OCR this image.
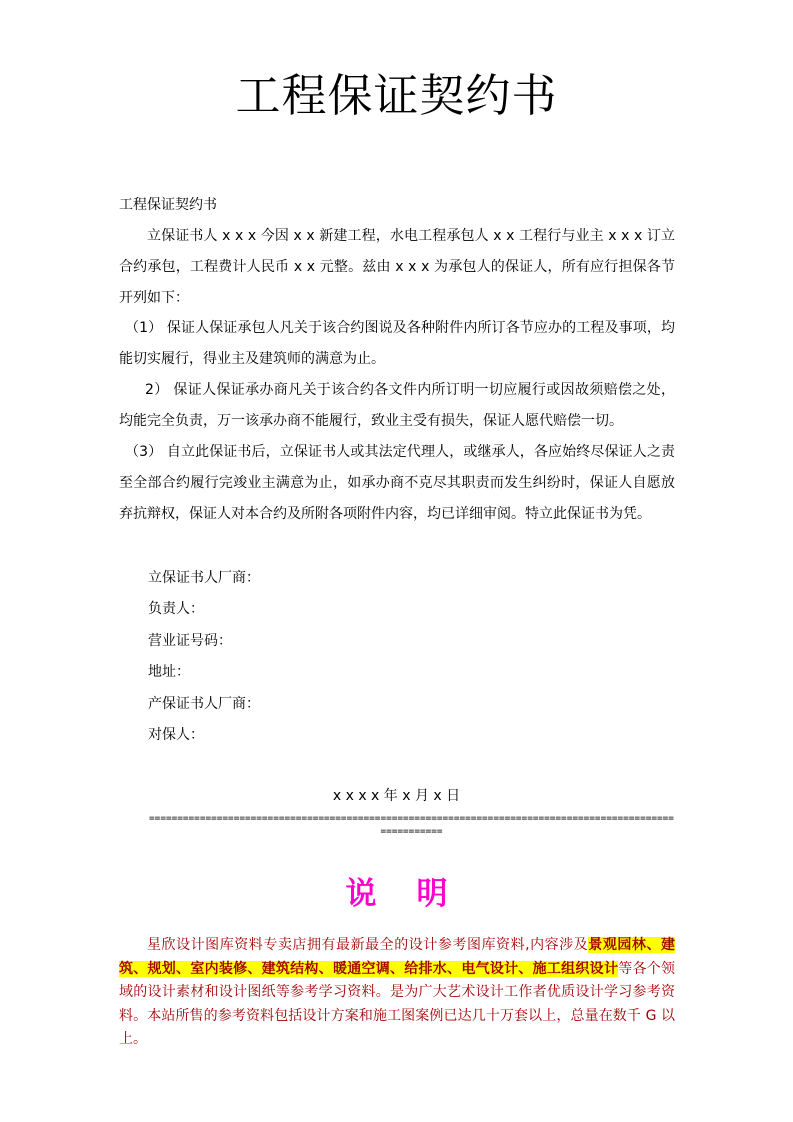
工程保证契约书
工程保证契约书
立保证书人 x x x 今因 x x 新建工程，水电工程承包人 x x 工程行与业主 x x x 订立合约承包，工程费计人民币 x x 元整。兹由 x x x 为承包人的保证人，所有应行担保各节开列如下：
（1） 保证人保证承包人凡关于该合约图说及各种附件内所订各节应办的工程及事项，均能切实履行，得业主及建筑师的满意为止。
2） 保证人保证承办商凡关于该合约各文件内所订明一切应履行或因故须赔偿之处，均能完全负责，万一该承办商不能履行，致业主受有损失，保证人愿代赔偿一切。
（3） 自立此保证书后，立保证书人或其法定代理人，或继承人，各应始终尽保证人之责至全部合约履行完竣业主满意为止，如承办商不克尽其职责而发生纠纷时，保证人自愿放弃抗辩权，保证人对本合约及所附各项附件内容，均已详细审阅。特立此保证书为凭。
立保证书人厂商：
负责人：
营业证号码：
地址：
产保证书人厂商：
对保人：
x x x x 年 x 月 x 日
========================================================================================================
说明
星欣设计图库资料专卖店拥有最新最全的设计参考图库资料,内容涉及景观园林、建筑、规划、室内装修、建筑结构、暖通空调、给排水、电气设计、施工组织设计等各个领域的设计素材和设计图纸等参考学习资料。是为广大艺术设计工作者优质设计学习参考资料。本站所售的参考资料包括设计方案和施工图案例已达几十万套以上，总量在数千 G 以上。
